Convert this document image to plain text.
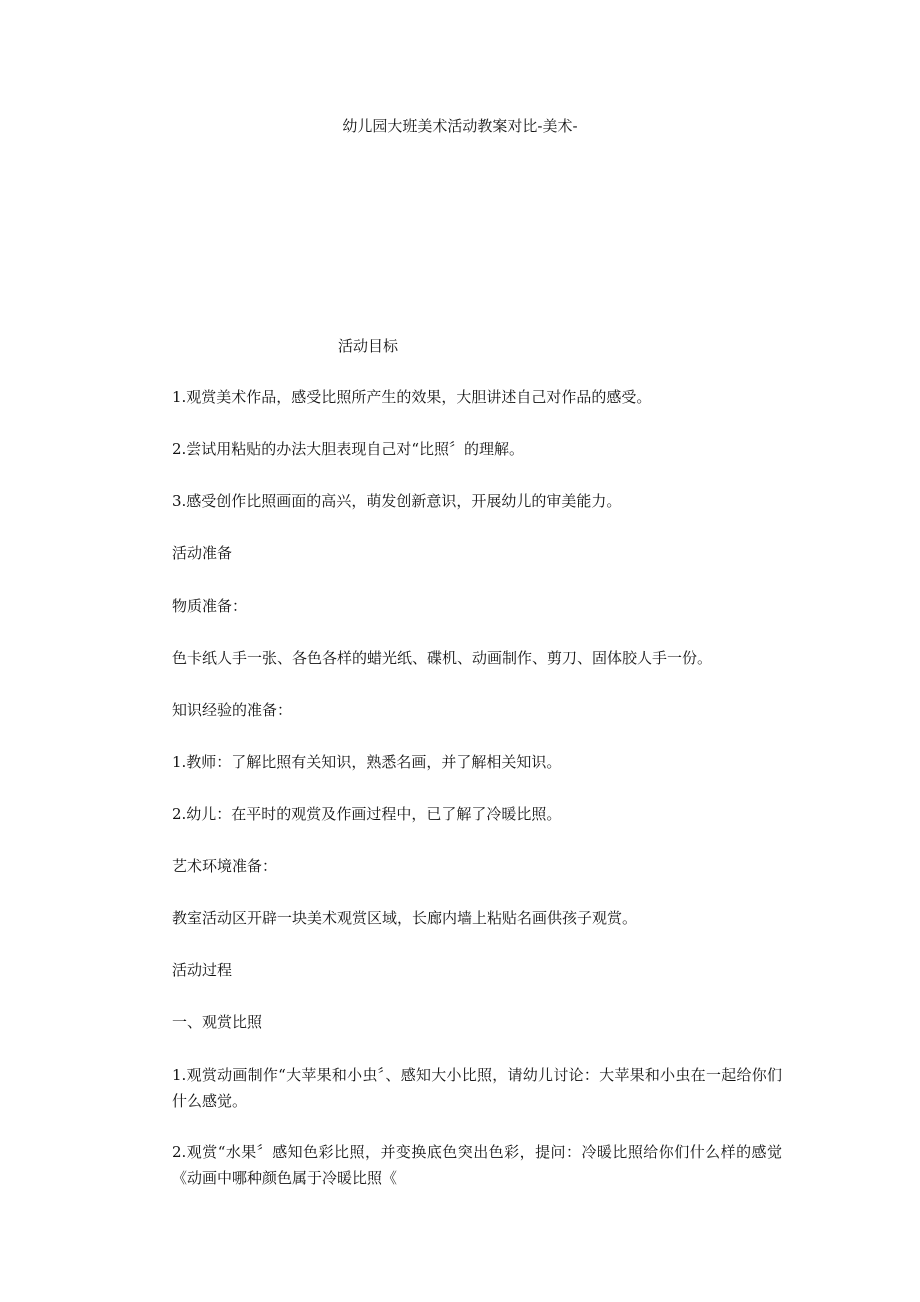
幼儿园大班美术活动教案对比-美术-
活动目标
1.观赏美术作品，感受比照所产生的效果，大胆讲述自己对作品的感受。
2.尝试用粘贴的办法大胆表现自己对“比照〞的理解。
3.感受创作比照画面的高兴，萌发创新意识，开展幼儿的审美能力。
活动准备
物质准备：
色卡纸人手一张、各色各样的蜡光纸、碟机、动画制作、剪刀、固体胶人手一份。
知识经验的准备：
1.教师：了解比照有关知识，熟悉名画，并了解相关知识。
2.幼儿：在平时的观赏及作画过程中，已了解了冷暖比照。
艺术环境准备：
教室活动区开辟一块美术观赏区域，长廊内墙上粘贴名画供孩子观赏。
活动过程
一、观赏比照
1.观赏动画制作“大苹果和小虫〞、感知大小比照，请幼儿讨论：大苹果和小虫在一起给你们什么感觉。
2.观赏“水果〞感知色彩比照，并变换底色突出色彩，提问：冷暖比照给你们什么样的感觉《动画中哪种颜色属于冷暖比照《
